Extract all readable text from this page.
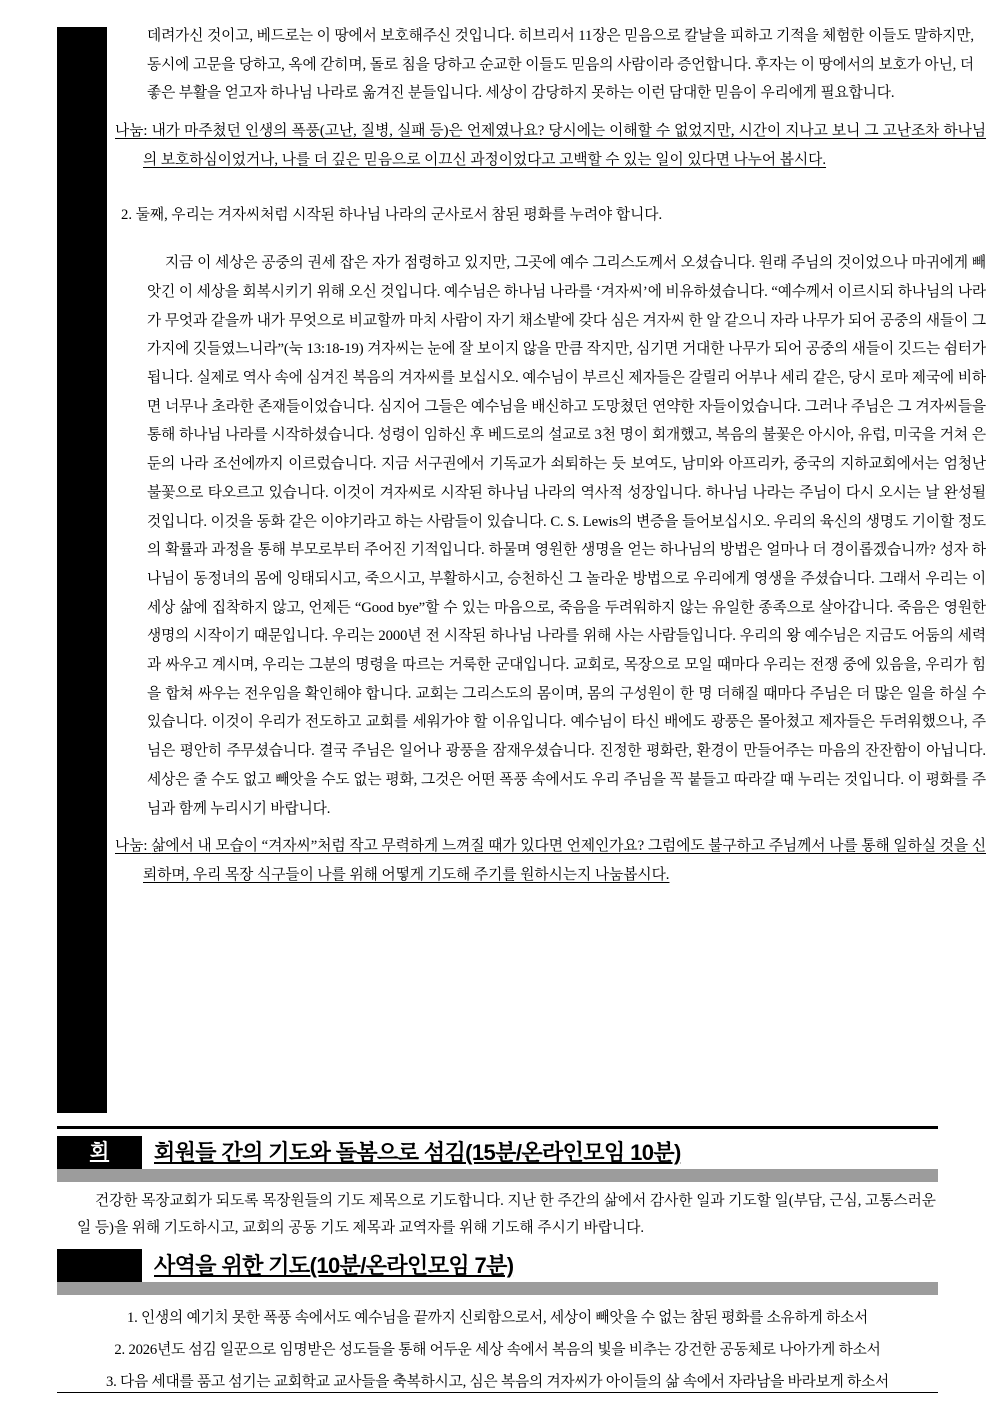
데려가신 것이고, 베드로는 이 땅에서 보호해주신 것입니다. 히브리서 11장은 믿음으로 칼날을 피하고 기적을 체험한 이들도 말하지만, 동시에 고문을 당하고, 옥에 갇히며, 돌로 침을 당하고 순교한 이들도 믿음의 사람이라 증언합니다. 후자는 이 땅에서의 보호가 아닌, 더 좋은 부활을 얻고자 하나님 나라로 옮겨진 분들입니다. 세상이 감당하지 못하는 이런 담대한 믿음이 우리에게 필요합니다.

나눔: 내가 마주쳤던 인생의 폭풍(고난, 질병, 실패 등)은 언제였나요? 당시에는 이해할 수 없었지만, 시간이 지나고 보니 그 고난조차 하나님의 보호하심이었거나, 나를 더 깊은 믿음으로 이끄신 과정이었다고 고백할 수 있는 일이 있다면 나누어 봅시다.

2. 둘째, 우리는 겨자씨처럼 시작된 하나님 나라의 군사로서 참된 평화를 누려야 합니다.

지금 이 세상은 공중의 권세 잡은 자가 점령하고 있지만, 그곳에 예수 그리스도께서 오셨습니다. 원래 주님의 것이었으나 마귀에게 빼앗긴 이 세상을 회복시키기 위해 오신 것입니다. 예수님은 하나님 나라를 ‘겨자씨’에 비유하셨습니다. “예수께서 이르시되 하나님의 나라가 무엇과 같을까 내가 무엇으로 비교할까 마치 사람이 자기 채소밭에 갖다 심은 겨자씨 한 알 같으니 자라 나무가 되어 공중의 새들이 그 가지에 깃들였느니라”(눅 13:18-19) 겨자씨는 눈에 잘 보이지 않을 만큼 작지만, 심기면 거대한 나무가 되어 공중의 새들이 깃드는 쉼터가 됩니다. 실제로 역사 속에 심겨진 복음의 겨자씨를 보십시오. 예수님이 부르신 제자들은 갈릴리 어부나 세리 같은, 당시 로마 제국에 비하면 너무나 초라한 존재들이었습니다. 심지어 그들은 예수님을 배신하고 도망쳤던 연약한 자들이었습니다. 그러나 주님은 그 겨자씨들을 통해 하나님 나라를 시작하셨습니다. 성령이 임하신 후 베드로의 설교로 3천 명이 회개했고, 복음의 불꽃은 아시아, 유럽, 미국을 거쳐 은둔의 나라 조선에까지 이르렀습니다. 지금 서구권에서 기독교가 쇠퇴하는 듯 보여도, 남미와 아프리카, 중국의 지하교회에서는 엄청난 불꽃으로 타오르고 있습니다. 이것이 겨자씨로 시작된 하나님 나라의 역사적 성장입니다. 하나님 나라는 주님이 다시 오시는 날 완성될 것입니다. 이것을 동화 같은 이야기라고 하는 사람들이 있습니다. C. S. Lewis의 변증을 들어보십시오. 우리의 육신의 생명도 기이할 정도의 확률과 과정을 통해 부모로부터 주어진 기적입니다. 하물며 영원한 생명을 얻는 하나님의 방법은 얼마나 더 경이롭겠습니까? 성자 하나님이 동정녀의 몸에 잉태되시고, 죽으시고, 부활하시고, 승천하신 그 놀라운 방법으로 우리에게 영생을 주셨습니다. 그래서 우리는 이 세상 삶에 집착하지 않고, 언제든 “Good bye”할 수 있는 마음으로, 죽음을 두려워하지 않는 유일한 종족으로 살아갑니다. 죽음은 영원한 생명의 시작이기 때문입니다. 우리는 2000년 전 시작된 하나님 나라를 위해 사는 사람들입니다. 우리의 왕 예수님은 지금도 어둠의 세력과 싸우고 계시며, 우리는 그분의 명령을 따르는 거룩한 군대입니다. 교회로, 목장으로 모일 때마다 우리는 전쟁 중에 있음을, 우리가 힘을 합쳐 싸우는 전우임을 확인해야 합니다. 교회는 그리스도의 몸이며, 몸의 구성원이 한 명 더해질 때마다 주님은 더 많은 일을 하실 수 있습니다. 이것이 우리가 전도하고 교회를 세워가야 할 이유입니다. 예수님이 타신 배에도 광풍은 몰아쳤고 제자들은 두려워했으나, 주님은 평안히 주무셨습니다. 결국 주님은 일어나 광풍을 잠재우셨습니다. 진정한 평화란, 환경이 만들어주는 마음의 잔잔함이 아닙니다. 세상은 줄 수도 없고 빼앗을 수도 없는 평화, 그것은 어떤 폭풍 속에서도 우리 주님을 꼭 붙들고 따라갈 때 누리는 것입니다. 이 평화를 주님과 함께 누리시기 바랍니다.

나눔: 삶에서 내 모습이 “겨자씨”처럼 작고 무력하게 느껴질 때가 있다면 언제인가요? 그럼에도 불구하고 주님께서 나를 통해 일하실 것을 신뢰하며, 우리 목장 식구들이 나를 위해 어떻게 기도해 주기를 원하시는지 나눔봅시다.

회	회원들 간의 기도와 돌봄으로 섬김(15분/온라인모임 10분)
건강한 목장교회가 되도록 목장원들의 기도 제목으로 기도합니다. 지난 한 주간의 삶에서 감사한 일과 기도할 일(부담, 근심, 고통스러운 일 등)을 위해 기도하시고, 교회의 공동 기도 제목과 교역자를 위해 기도해 주시기 바랍니다.
사역을 위한 기도(10분/온라인모임 7분)
1. 인생의 예기치 못한 폭풍 속에서도 예수님을 끝까지 신뢰함으로서, 세상이 빼앗을 수 없는 참된 평화를 소유하게 하소서
2. 2026년도 섬김 일꾼으로 임명받은 성도들을 통해 어두운 세상 속에서 복음의 빛을 비추는 강건한 공동체로 나아가게 하소서
3. 다음 세대를 품고 섬기는 교회학교 교사들을 축복하시고, 심은 복음의 겨자씨가 아이들의 삶 속에서 자라남을 바라보게 하소서
